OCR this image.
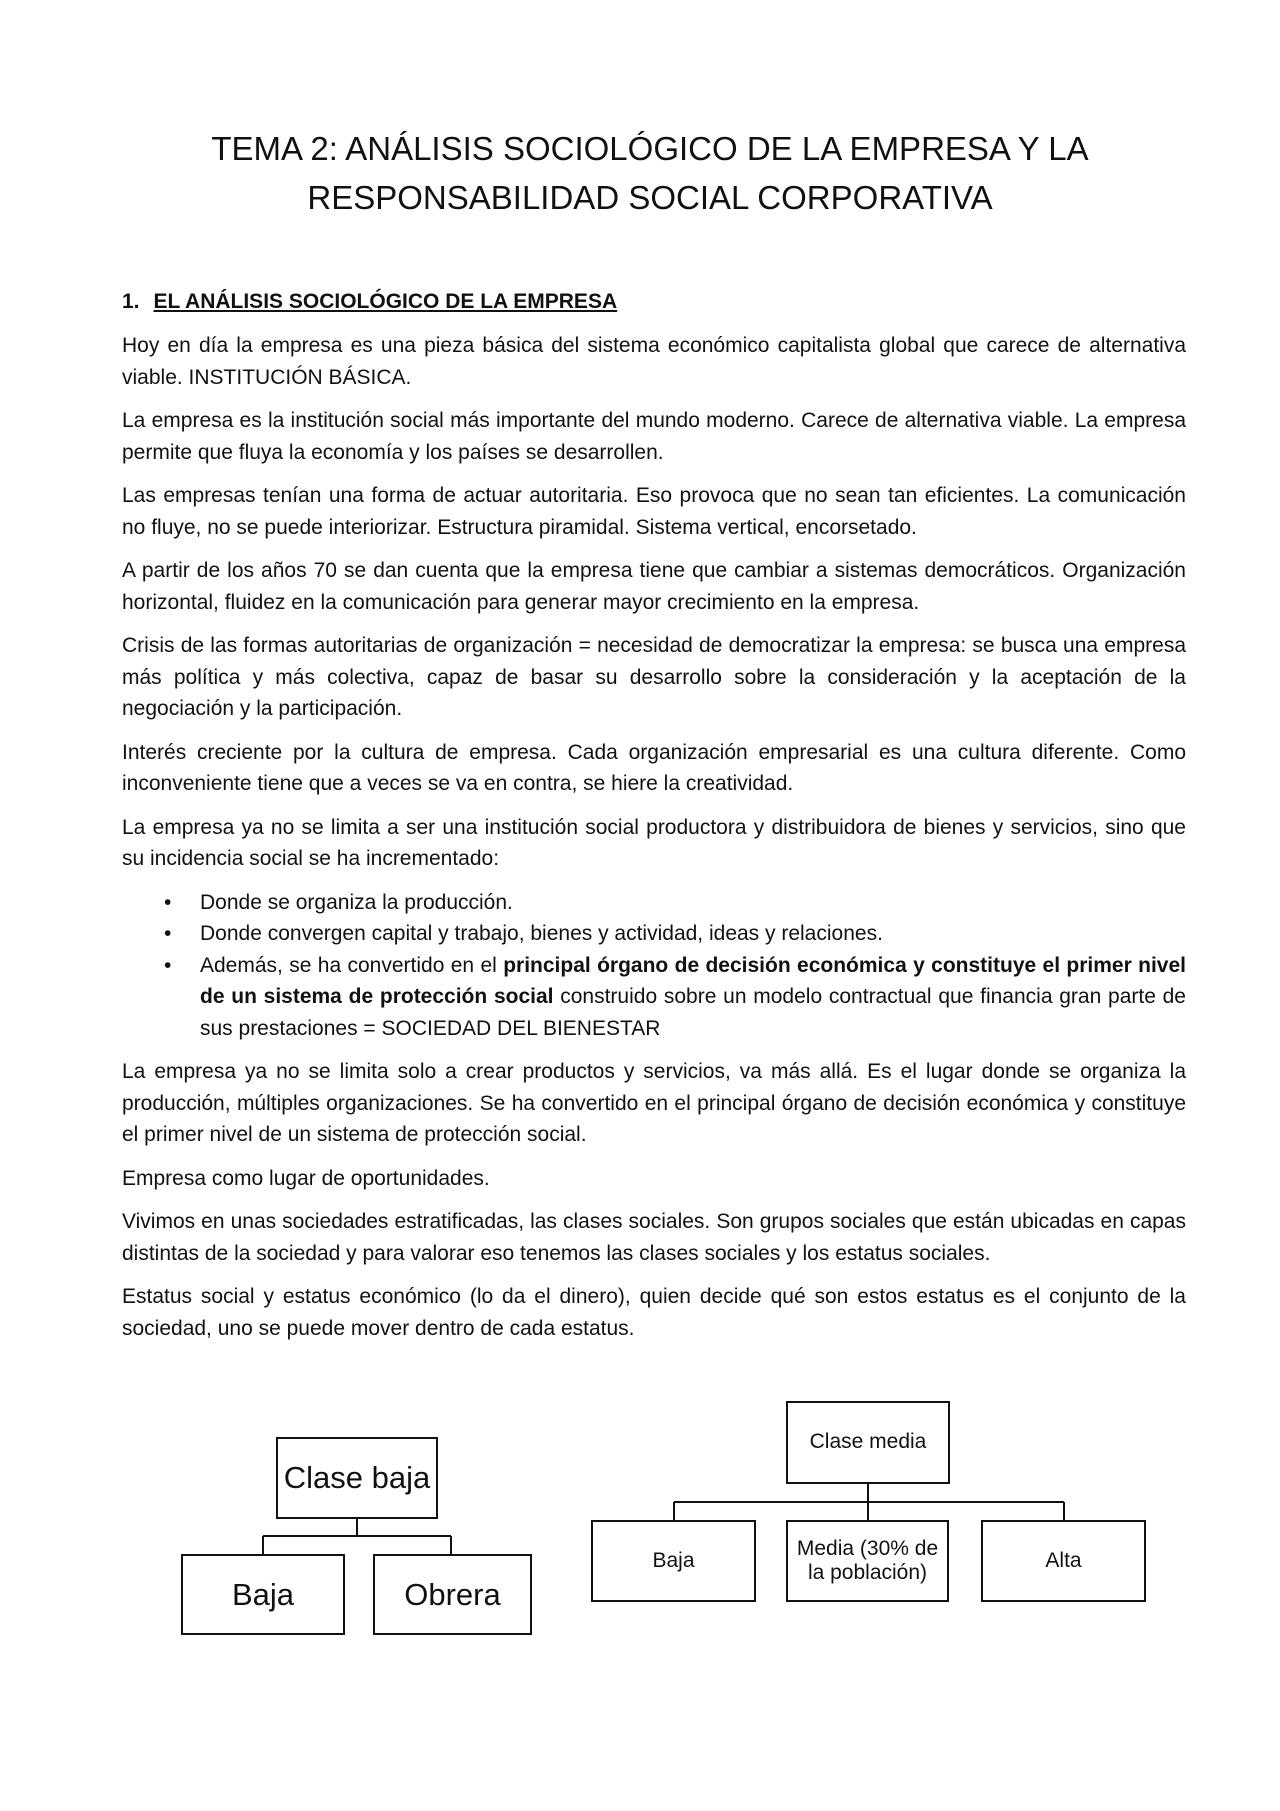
TEMA 2: ANÁLISIS SOCIOLÓGICO DE LA EMPRESA Y LA
RESPONSABILIDAD SOCIAL CORPORATIVA
1. EL ANÁLISIS SOCIOLÓGICO DE LA EMPRESA

Hoy en día la empresa es una pieza básica del sistema económico capitalista global que carece de alternativa viable. INSTITUCIÓN BÁSICA.

La empresa es la institución social más importante del mundo moderno. Carece de alternativa viable. La empresa permite que fluya la economía y los países se desarrollen.

Las empresas tenían una forma de actuar autoritaria. Eso provoca que no sean tan eficientes. La comunicación no fluye, no se puede interiorizar. Estructura piramidal. Sistema vertical, encorsetado.

A partir de los años 70 se dan cuenta que la empresa tiene que cambiar a sistemas democráticos. Organización horizontal, fluidez en la comunicación para generar mayor crecimiento en la empresa.

Crisis de las formas autoritarias de organización = necesidad de democratizar la empresa: se busca una empresa más política y más colectiva, capaz de basar su desarrollo sobre la consideración y la aceptación de la negociación y la participación.

Interés creciente por la cultura de empresa. Cada organización empresarial es una cultura diferente. Como inconveniente tiene que a veces se va en contra, se hiere la creatividad.

La empresa ya no se limita a ser una institución social productora y distribuidora de bienes y servicios, sino que su incidencia social se ha incrementado:

• Donde se organiza la producción.
• Donde convergen capital y trabajo, bienes y actividad, ideas y relaciones.
• Además, se ha convertido en el principal órgano de decisión económica y constituye el primer nivel de un sistema de protección social construido sobre un modelo contractual que financia gran parte de sus prestaciones = SOCIEDAD DEL BIENESTAR

La empresa ya no se limita solo a crear productos y servicios, va más allá. Es el lugar donde se organiza la producción, múltiples organizaciones. Se ha convertido en el principal órgano de decisión económica y constituye el primer nivel de un sistema de protección social.

Empresa como lugar de oportunidades.

Vivimos en unas sociedades estratificadas, las clases sociales. Son grupos sociales que están ubicadas en capas distintas de la sociedad y para valorar eso tenemos las clases sociales y los estatus sociales.

Estatus social y estatus económico (lo da el dinero), quien decide qué son estos estatus es el conjunto de la sociedad, uno se puede mover dentro de cada estatus.

Clase baja
Baja	Obrera
Clase media
Baja
Media (30% de la población)
Alta
